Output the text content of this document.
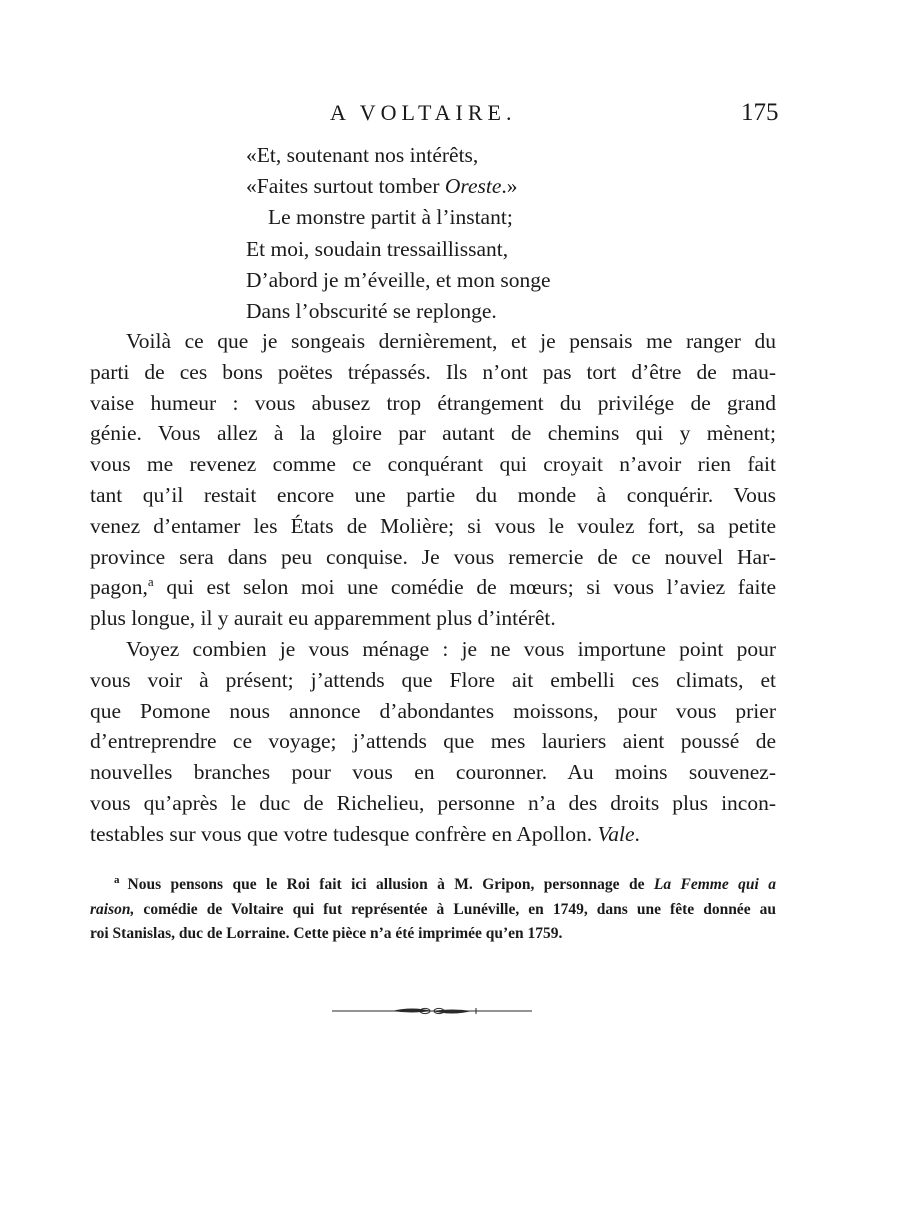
A VOLTAIRE.	175
«Et, soutenant nos intérêts,
«Faites surtout tomber Oreste.»
Le monstre partit à l’instant;
Et moi, soudain tressaillissant,
D’abord je m’éveille, et mon songe
Dans l’obscurité se replonge.
Voilà ce que je songeais dernièrement, et je pensais me ranger du
parti de ces bons poëtes trépassés. Ils n’ont pas tort d’être de mau-
vaise humeur : vous abusez trop étrangement du privilége de grand
génie. Vous allez à la gloire par autant de chemins qui y mènent;
vous me revenez comme ce conquérant qui croyait n’avoir rien fait
tant qu’il restait encore une partie du monde à conquérir. Vous
venez d’entamer les États de Molière; si vous le voulez fort, sa petite
province sera dans peu conquise. Je vous remercie de ce nouvel Har-
pagon,$^a$ qui est selon moi une comédie de mœurs; si vous l’aviez faite
plus longue, il y aurait eu apparemment plus d’intérêt.
Voyez combien je vous ménage : je ne vous importune point pour
vous voir à présent; j’attends que Flore ait embelli ces climats, et
que Pomone nous annonce d’abondantes moissons, pour vous prier
d’entreprendre ce voyage; j’attends que mes lauriers aient poussé de
nouvelles branches pour vous en couronner. Au moins souvenez-
vous qu’après le duc de Richelieu, personne n’a des droits plus incon-
testables sur vous que votre tudesque confrère en Apollon. Vale.
$^a$ Nous pensons que le Roi fait ici allusion à M. Gripon, personnage de La Femme qui a
raison, comédie de Voltaire qui fut représentée à Lunéville, en 1749, dans une fête donnée au
roi Stanislas, duc de Lorraine. Cette pièce n’a été imprimée qu’en 1759.
